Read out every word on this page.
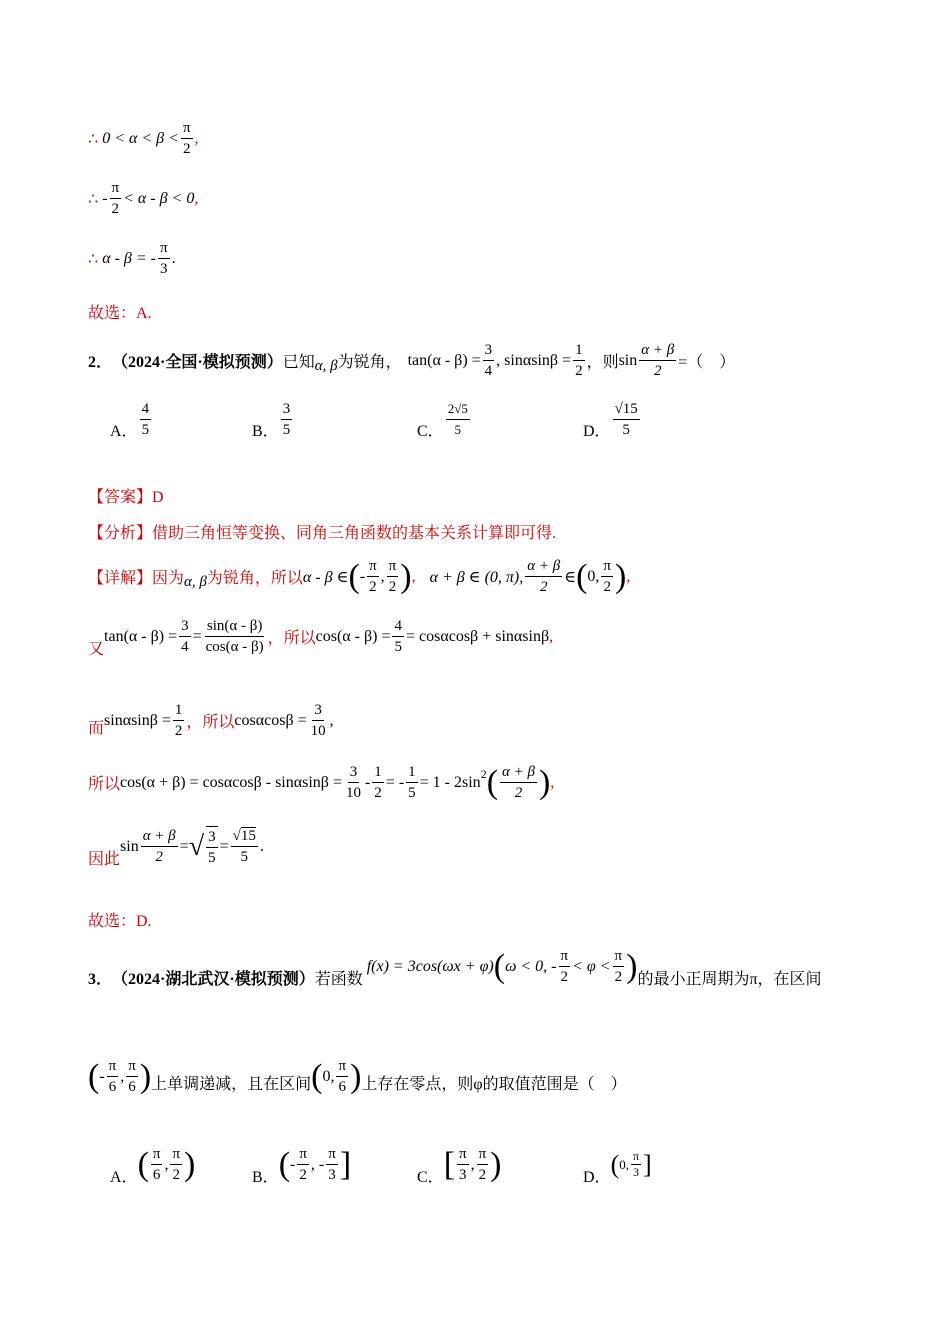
∴ $0 < \alpha < \beta < \frac{\pi}{2}$ ,
∴ - $\frac{\pi}{2} < \alpha - \beta < 0$ ,
∴ α - β = - $\frac{\pi}{3}$ .
故选：A.
2． （2024·全国·模拟预测） 已知 α, β 为锐角， $\tan(\alpha - \beta) = \frac{3}{4}$ , $\sin\alpha\sin\beta = \frac{1}{2}$ ，则 $\sin \frac{\alpha + \beta}{2}$ =（　）
A． $\frac{4}{5}$	B． $\frac{3}{5}$	C． $\frac{2√5}{5}$	D． $\frac{√15}{5}$
【答案】D
【分析】借助三角恒等变换、同角三角函数的基本关系计算即可得.
【详解】因为 α, β 为锐角，所以 α - β ∈ ( - $\frac{\pi}{2}$ , $\frac{\pi}{2}$ ) , α + β ∈ (0, π), $\frac{\alpha + \beta}{2}$ ∈ ( 0, $\frac{\pi}{2}$ ) ,
又
$\tan(\alpha - \beta) = \frac{3}{4} = \frac{\sin(\alpha - \beta)}{\cos(\alpha - \beta)}$ ，所以 $\cos(\alpha - \beta) = \frac{4}{5} = \cos\alpha\cos\beta + \sin\alpha\sin\beta$ ,
而 $\sin\alpha\sin\beta = \frac{1}{2}$ ，所以 $\cos\alpha\cos\beta = \frac{3}{10}$ ,
所以 $\cos(\alpha + \beta) = \cos\alpha\cos\beta - \sin\alpha\sin\beta = \frac{3}{10} - \frac{1}{2}$ = - $\frac{1}{5} = 1 - 2\sin$ 2 ( $\frac{\alpha + \beta}{2}$ ) ,
因此
$\sin \frac{\alpha + \beta}{2}$ = √ $\frac{3}{5} = \frac{√15}{5}$ .
故选：D.
3． （2024·湖北武汉·模拟预测） 若函数
f(x) = 3cos(ωx + φ) ( ω < 0, - $\frac{\pi}{2} < \varphi < \frac{\pi}{2}$ ) 的最小正周期为π，在区间
( - $\frac{\pi}{6}$ , $\frac{\pi}{6}$ ) 上单调递减，且在区间 ( 0, $\frac{\pi}{6}$ ) 上存在零点，则φ的取值范围是（　）
A． ( $\frac{\pi}{6}$ , $\frac{\pi}{2}$ )	B． ( - $\frac{\pi}{2}$ , - $\frac{\pi}{3}$ ]	C． [ $\frac{\pi}{3}$ , $\frac{\pi}{2}$ )	D． ( 0, $\frac{\pi}{3}$ ]
